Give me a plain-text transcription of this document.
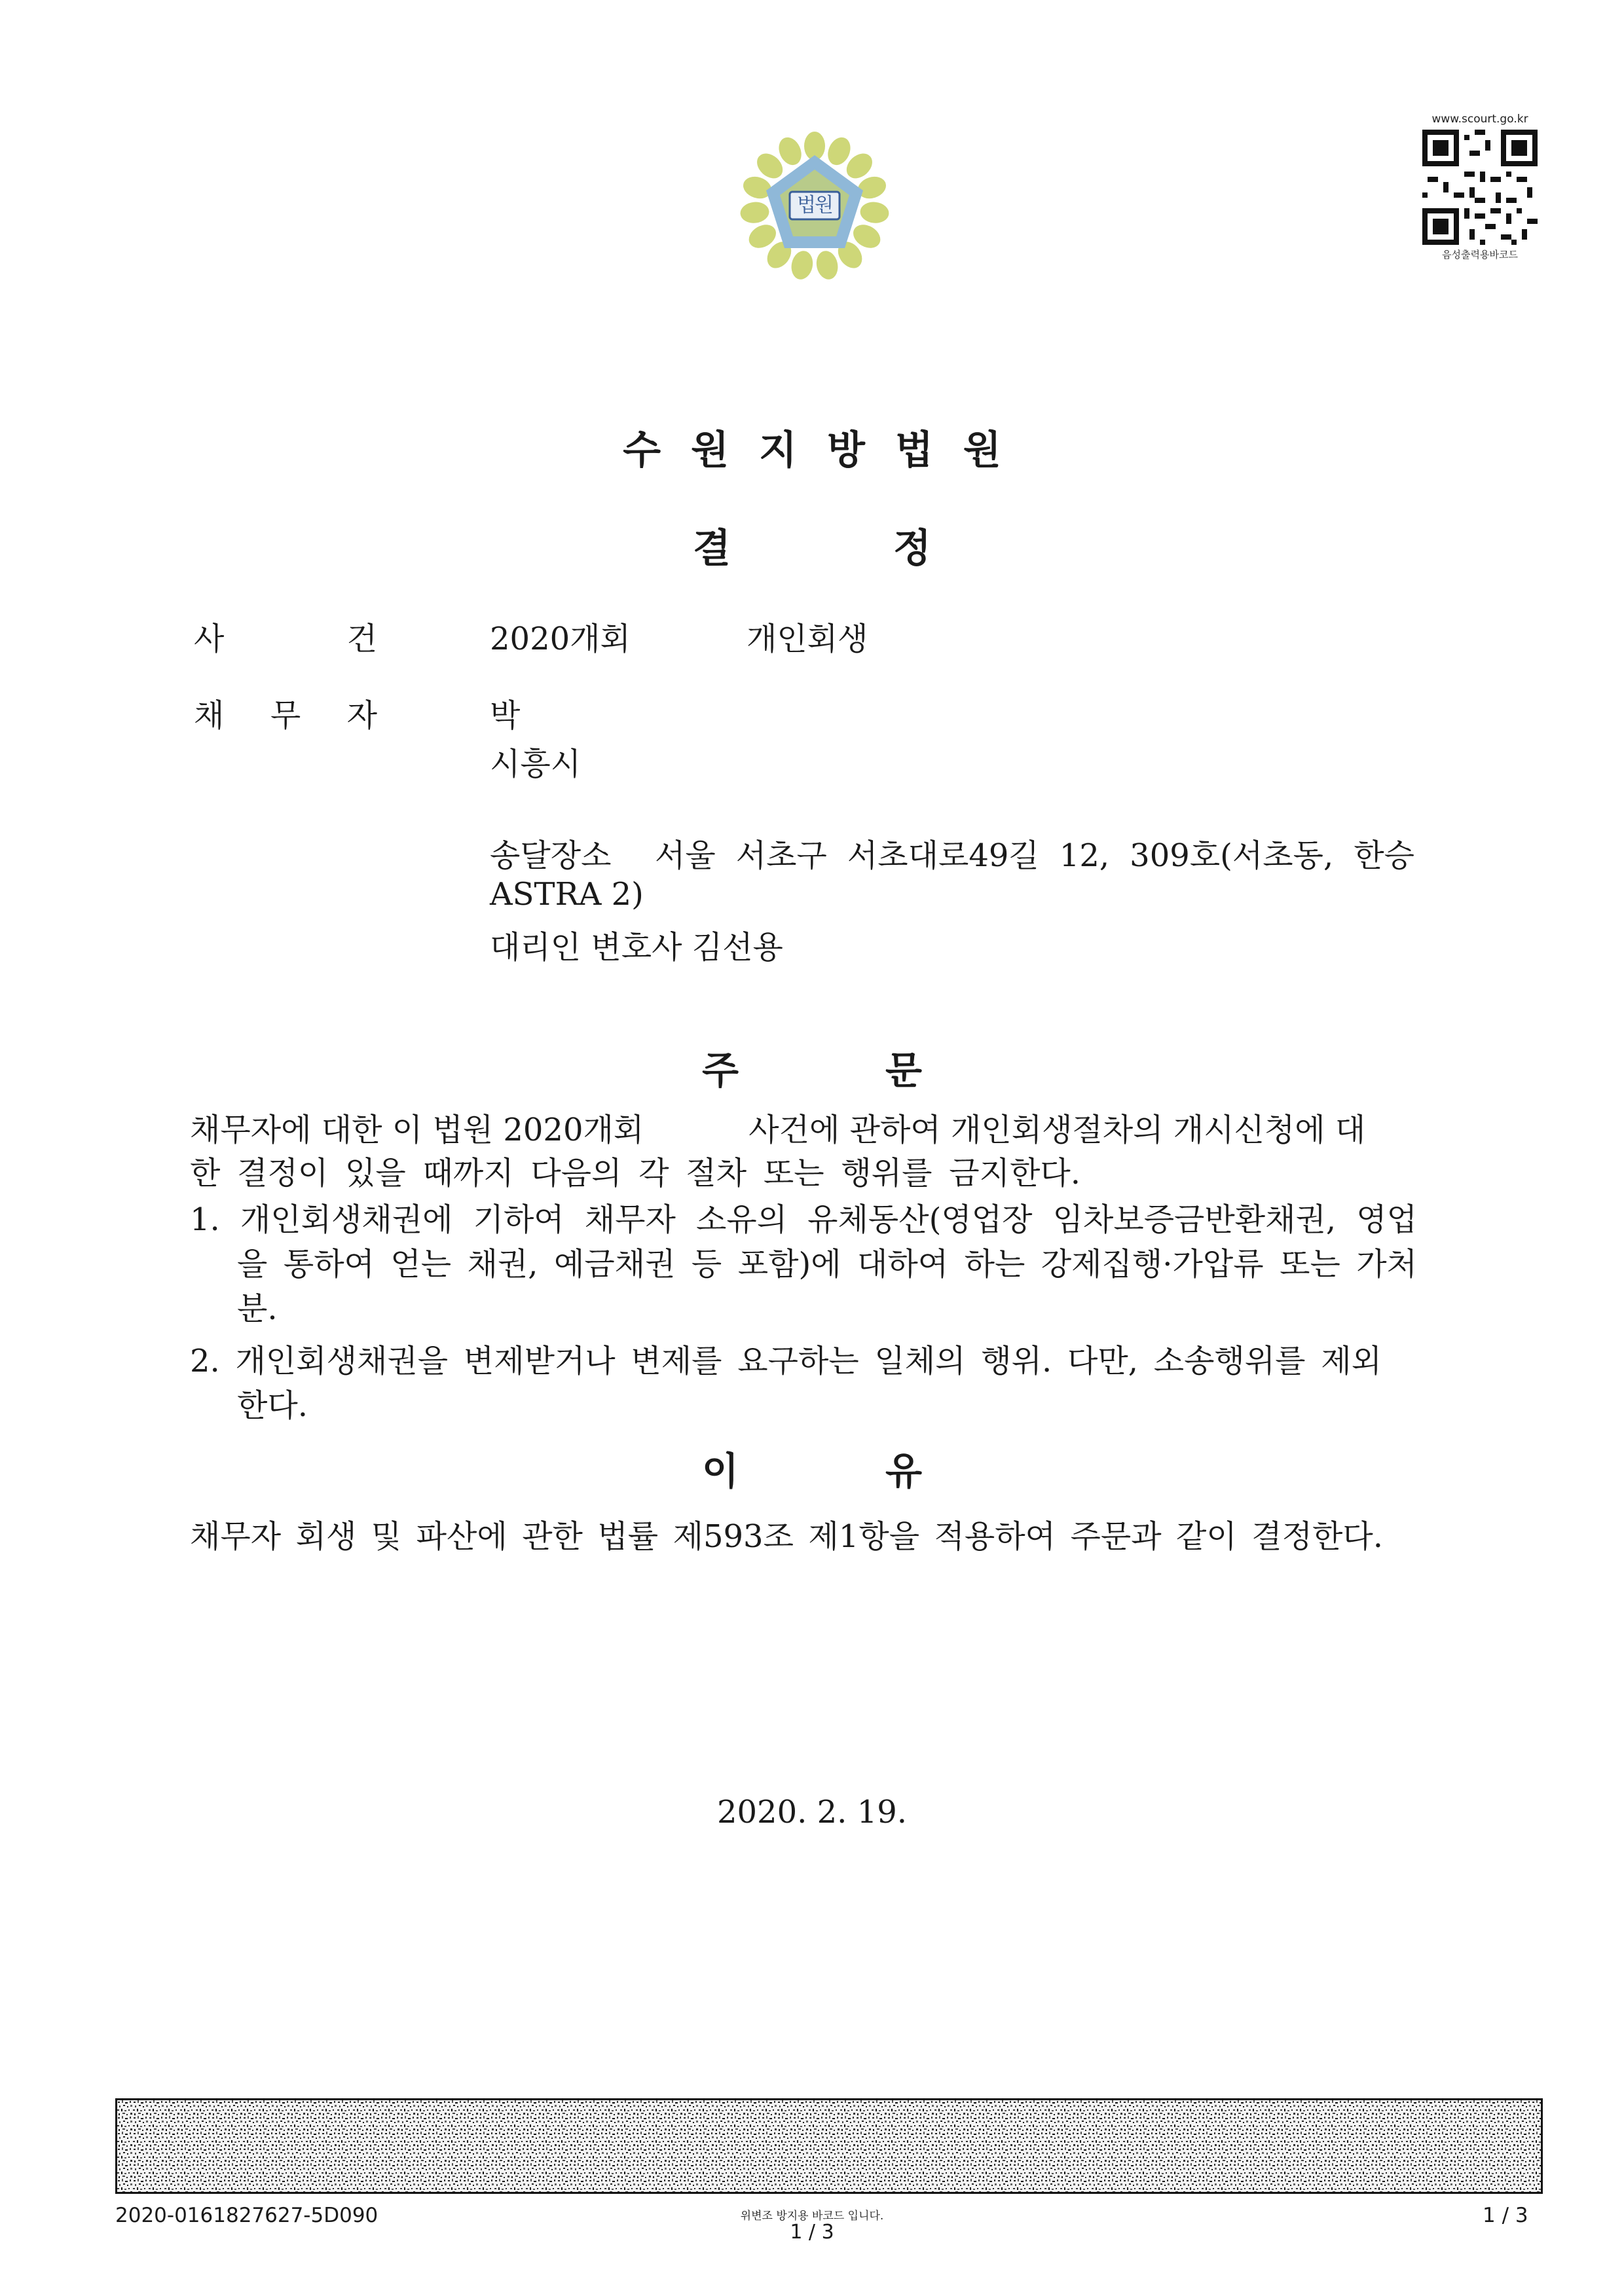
법원
www.scourt.go.kr
음성출력용바코드
수원지방법원
결정
사	건	2020개회	개인회생
채 무 자	박
시흥시
송달장소 서울 서초구 서초대로49길 12, 309호(서초동, 한승
ASTRA 2)
대리인 변호사 김선용
주문
채무자에 대한 이 법원 2020개회	사건에 관하여 개인회생절차의 개시신청에 대
한 결정이 있을 때까지 다음의 각 절차 또는 행위를 금지한다.
1. 개인회생채권에 기하여 채무자 소유의 유체동산(영업장 임차보증금반환채권, 영업
을 통하여 얻는 채권, 예금채권 등 포함)에 대하여 하는 강제집행·가압류 또는 가처
분.
2. 개인회생채권을 변제받거나 변제를 요구하는 일체의 행위. 다만, 소송행위를 제외
한다.
이유
채무자 회생 및 파산에 관한 법률 제593조 제1항을 적용하여 주문과 같이 결정한다.
2020. 2. 19.
2020-0161827627-5D090	위변조 방지용 바코드 입니다.
1 / 3
1 / 3
